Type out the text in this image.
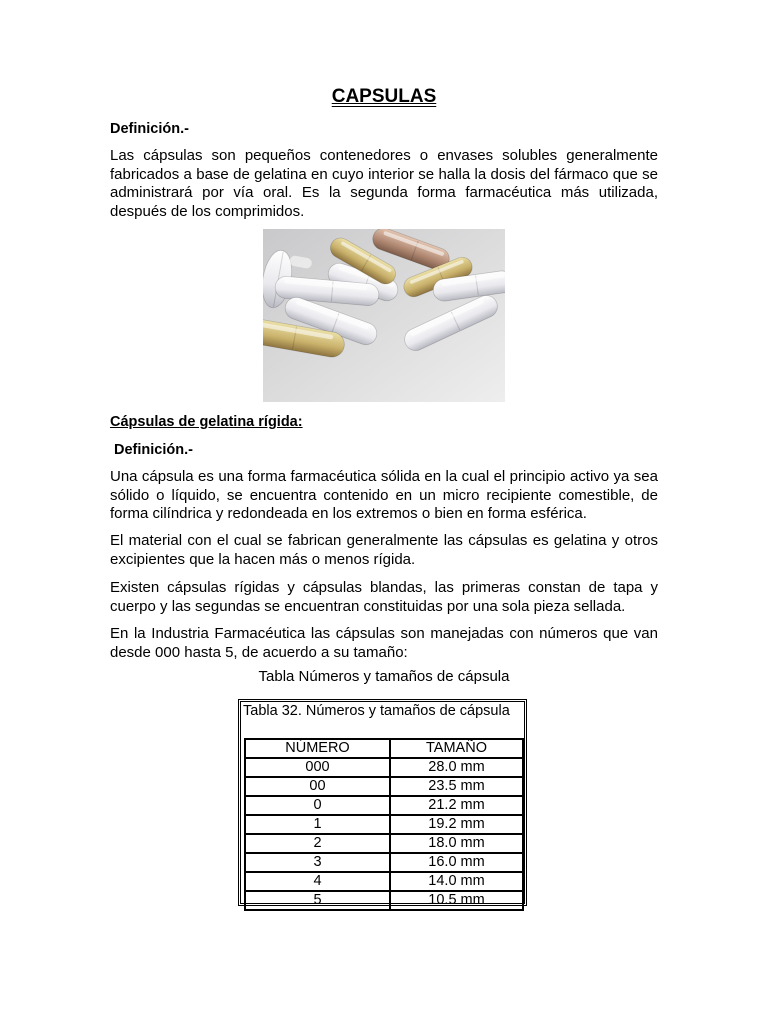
CAPSULAS
Definición.-

Las cápsulas son pequeños contenedores o envases solubles generalmente fabricados a base de gelatina en cuyo interior se halla la dosis del fármaco que se administrará por vía oral. Es la segunda forma farmacéutica más utilizada, después de los comprimidos.

Cápsulas de gelatina rígida:
Definición.-

Una cápsula es una forma farmacéutica sólida en la cual el principio activo ya sea sólido o líquido, se encuentra contenido en un micro recipiente comestible, de forma cilíndrica y redondeada en los extremos o bien en forma esférica.

El material con el cual se fabrican generalmente las cápsulas es gelatina y otros excipientes que la hacen más o menos rígida.

Existen cápsulas rígidas y cápsulas blandas, las primeras constan de tapa y cuerpo y las segundas se encuentran constituidas por una sola pieza sellada.

En la Industria Farmacéutica las cápsulas son manejadas con números que van desde 000 hasta 5, de acuerdo a su tamaño:

Tabla Números y tamaños de cápsula
Tabla 32. Números y tamaños de cápsula
NÚMERO	TAMAÑO
000	28.0 mm
00	23.5 mm
0	21.2 mm
1	19.2 mm
2	18.0 mm
3	16.0 mm
4	14.0 mm
5	10.5 mm
